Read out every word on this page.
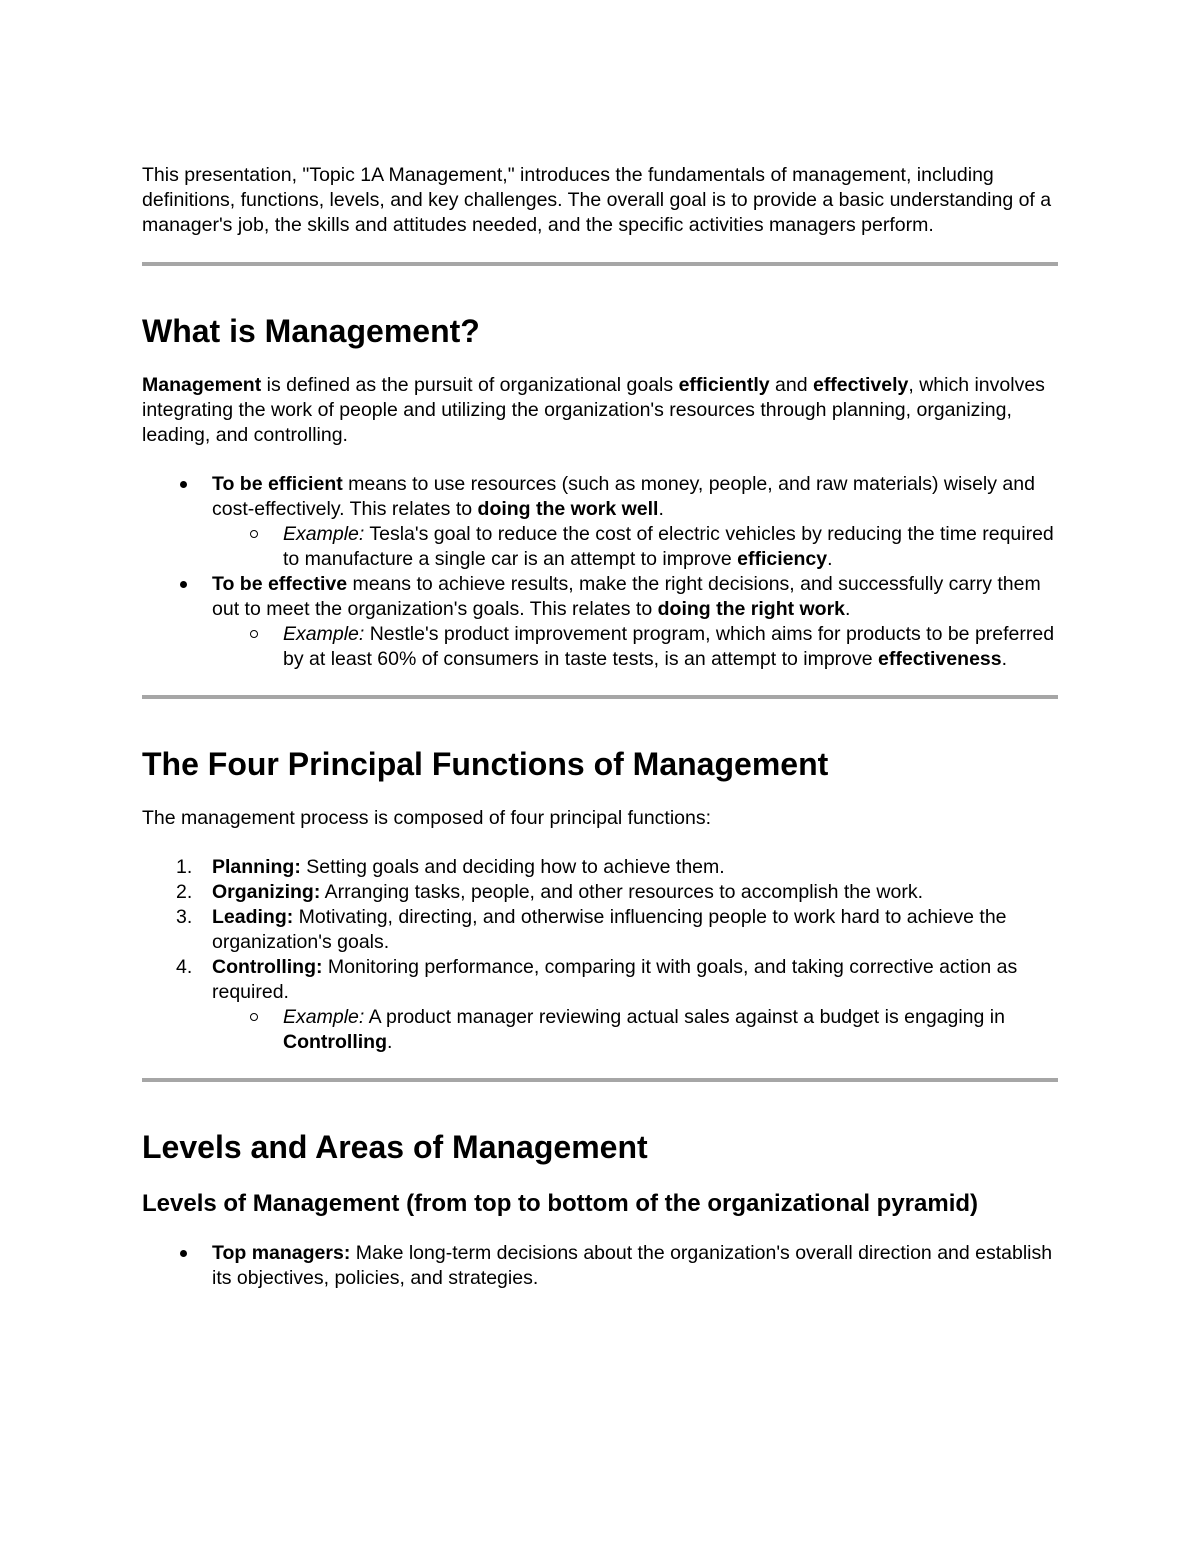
This presentation, "Topic 1A Management," introduces the fundamentals of management, including definitions, functions, levels, and key challenges. The overall goal is to provide a basic understanding of a manager's job, the skills and attitudes needed, and the specific activities managers perform.

What is Management?

Management is defined as the pursuit of organizational goals efficiently and effectively, which involves integrating the work of people and utilizing the organization's resources through planning, organizing, leading, and controlling.

To be efficient means to use resources (such as money, people, and raw materials) wisely and cost-effectively. This relates to doing the work well.
Example: Tesla's goal to reduce the cost of electric vehicles by reducing the time required to manufacture a single car is an attempt to improve efficiency.
To be effective means to achieve results, make the right decisions, and successfully carry them out to meet the organization's goals. This relates to doing the right work.
Example: Nestle's product improvement program, which aims for products to be preferred by at least 60% of consumers in taste tests, is an attempt to improve effectiveness.
The Four Principal Functions of Management

The management process is composed of four principal functions:

1. Planning: Setting goals and deciding how to achieve them.
2. Organizing: Arranging tasks, people, and other resources to accomplish the work.
3. Leading: Motivating, directing, and otherwise influencing people to work hard to achieve the organization's goals.
4. Controlling: Monitoring performance, comparing it with goals, and taking corrective action as required.
Example: A product manager reviewing actual sales against a budget is engaging in Controlling.
Levels and Areas of Management
Levels of Management (from top to bottom of the organizational pyramid)
Top managers: Make long-term decisions about the organization's overall direction and establish its objectives, policies, and strategies.
